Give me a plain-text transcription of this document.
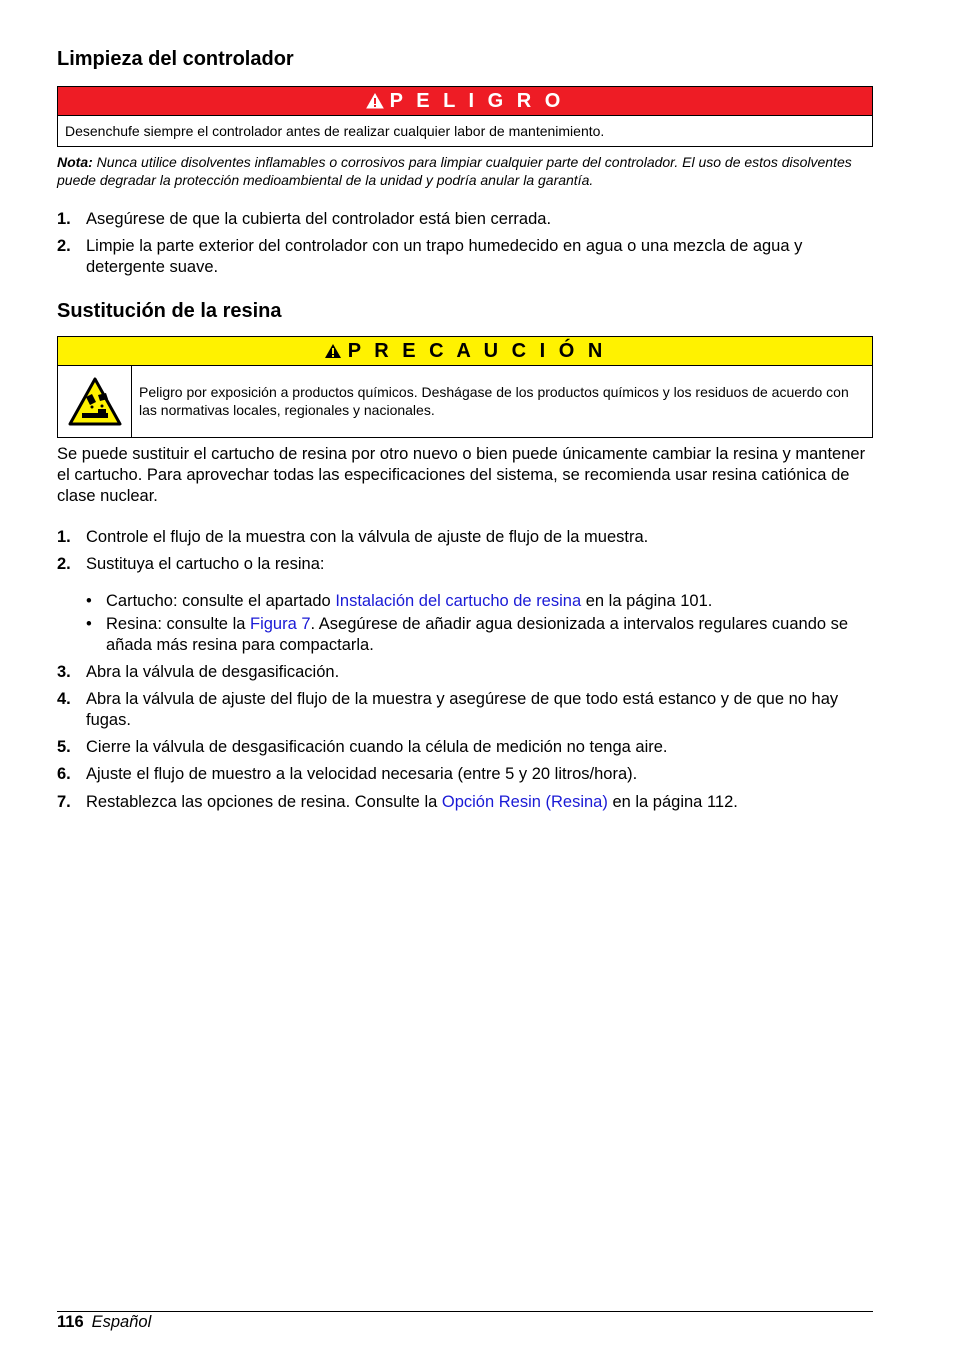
Limpieza del controlador
P E L I G R O
Desenchufe siempre el controlador antes de realizar cualquier labor de mantenimiento.
Nota: Nunca utilice disolventes inflamables o corrosivos para limpiar cualquier parte del controlador. El uso de estos disolventes puede degradar la protección medioambiental de la unidad y podría anular la garantía.
1. Asegúrese de que la cubierta del controlador está bien cerrada.
2. Limpie la parte exterior del controlador con un trapo humedecido en agua o una mezcla de agua y detergente suave.
Sustitución de la resina
P R E C A U C I Ó N
Peligro por exposición a productos químicos. Deshágase de los productos químicos y los residuos de acuerdo con las normativas locales, regionales y nacionales.
Se puede sustituir el cartucho de resina por otro nuevo o bien puede únicamente cambiar la resina y mantener el cartucho. Para aprovechar todas las especificaciones del sistema, se recomienda usar resina catiónica de clase nuclear.
1. Controle el flujo de la muestra con la válvula de ajuste de flujo de la muestra.
2. Sustituya el cartucho o la resina:
• Cartucho: consulte el apartado Instalación del cartucho de resina en la página 101.
• Resina: consulte la Figura 7. Asegúrese de añadir agua desionizada a intervalos regulares cuando se añada más resina para compactarla.
3. Abra la válvula de desgasificación.
4. Abra la válvula de ajuste del flujo de la muestra y asegúrese de que todo está estanco y de que no hay fugas.
5. Cierre la válvula de desgasificación cuando la célula de medición no tenga aire.
6. Ajuste el flujo de muestro a la velocidad necesaria (entre 5 y 20 litros/hora).
7. Restablezca las opciones de resina. Consulte la Opción Resin (Resina) en la página 112.
116 Español
